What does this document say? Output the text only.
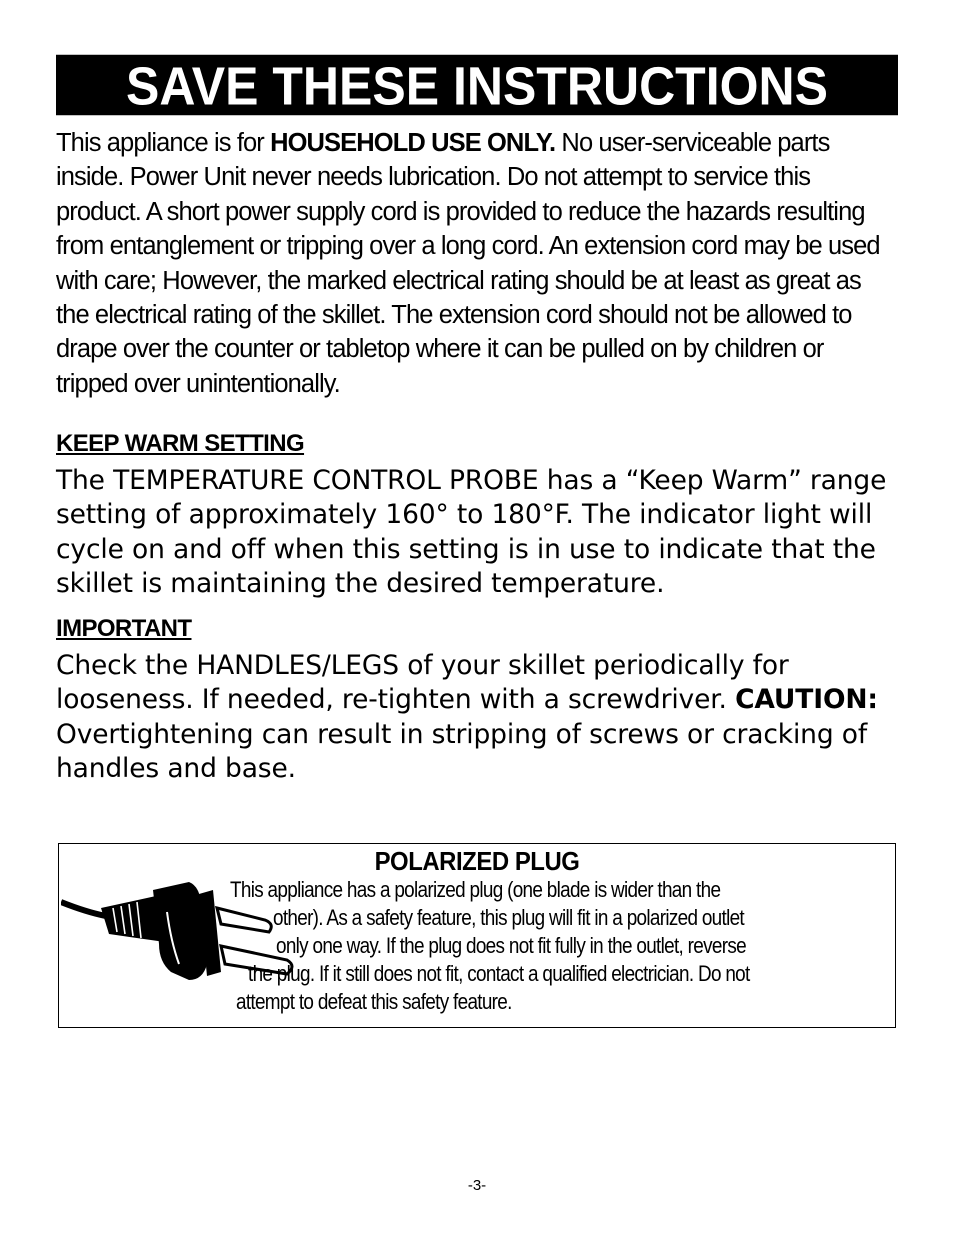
SAVE THESE INSTRUCTIONS

This appliance is for HOUSEHOLD USE ONLY. No user-serviceable parts inside. Power Unit never needs lubrication. Do not attempt to service this product. A short power supply cord is provided to reduce the hazards resulting from entanglement or tripping over a long cord. An extension cord may be used with care; However, the marked electrical rating should be at least as great as the electrical rating of the skillet. The extension cord should not be allowed to drape over the counter or tabletop where it can be pulled on by children or tripped over unintentionally.

KEEP WARM SETTING

The TEMPERATURE CONTROL PROBE has a “Keep Warm” range setting of approximately 160° to 180°F. The indicator light will cycle on and off when this setting is in use to indicate that the skillet is maintaining the desired temperature.

IMPORTANT

Check the HANDLES/LEGS of your skillet periodically for looseness. If needed, re-tighten with a screwdriver. CAUTION: Overtightening can result in stripping of screws or cracking of handles and base.

POLARIZED PLUG

This appliance has a polarized plug (one blade is wider than the

other). As a safety feature, this plug will fit in a polarized outlet

only one way. If the plug does not fit fully in the outlet, reverse

the plug. If it still does not fit, contact a qualified electrician. Do not

attempt to defeat this safety feature.

-3-
